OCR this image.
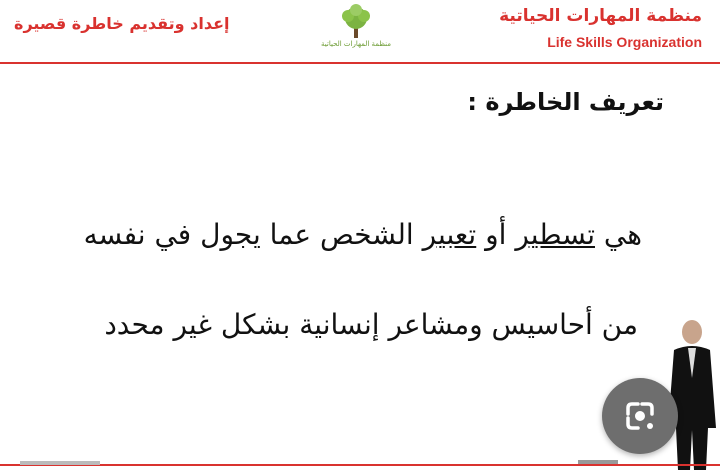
منظمة المهارات الحياتية
Life Skills Organization
إعداد وتقديم خاطرة قصيرة
منظمة المهارات الحياتية
تعريف الخاطرة :
هي تسطير أو تعبير الشخص عما يجول في نفسه
من أحاسيس ومشاعر إنسانية بشكل غير محدد
